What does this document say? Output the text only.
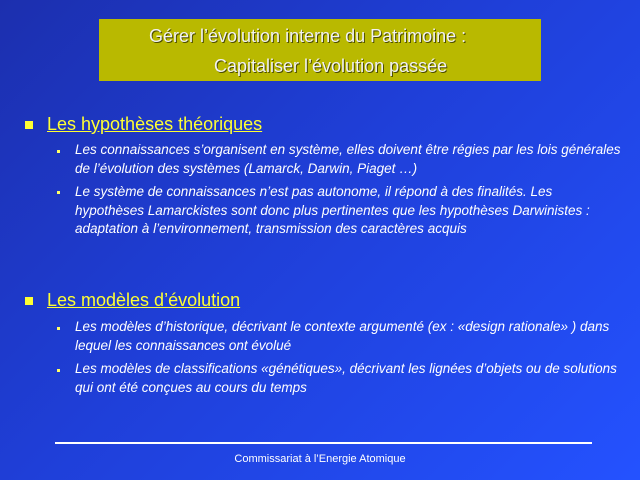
Gérer l’évolution interne du Patrimoine :
Capitaliser l’évolution passée
Les hypothèses théoriques
Les connaissances s’organisent en système, elles doivent être régies par les lois générales de l’évolution des systèmes (Lamarck, Darwin, Piaget …)
Le système de connaissances n’est pas autonome, il répond à des finalités. Les hypothèses Lamarckistes sont donc plus pertinentes que les hypothèses Darwinistes : adaptation à l’environnement, transmission des caractères acquis
Les modèles d’évolution
Les modèles d’historique, décrivant le contexte argumenté (ex : «design rationale» ) dans lequel les connaissances ont évolué
Les modèles de classifications «génétiques», décrivant les lignées d’objets ou de solutions qui ont été conçues au cours du temps
Commissariat à l’Energie Atomique
